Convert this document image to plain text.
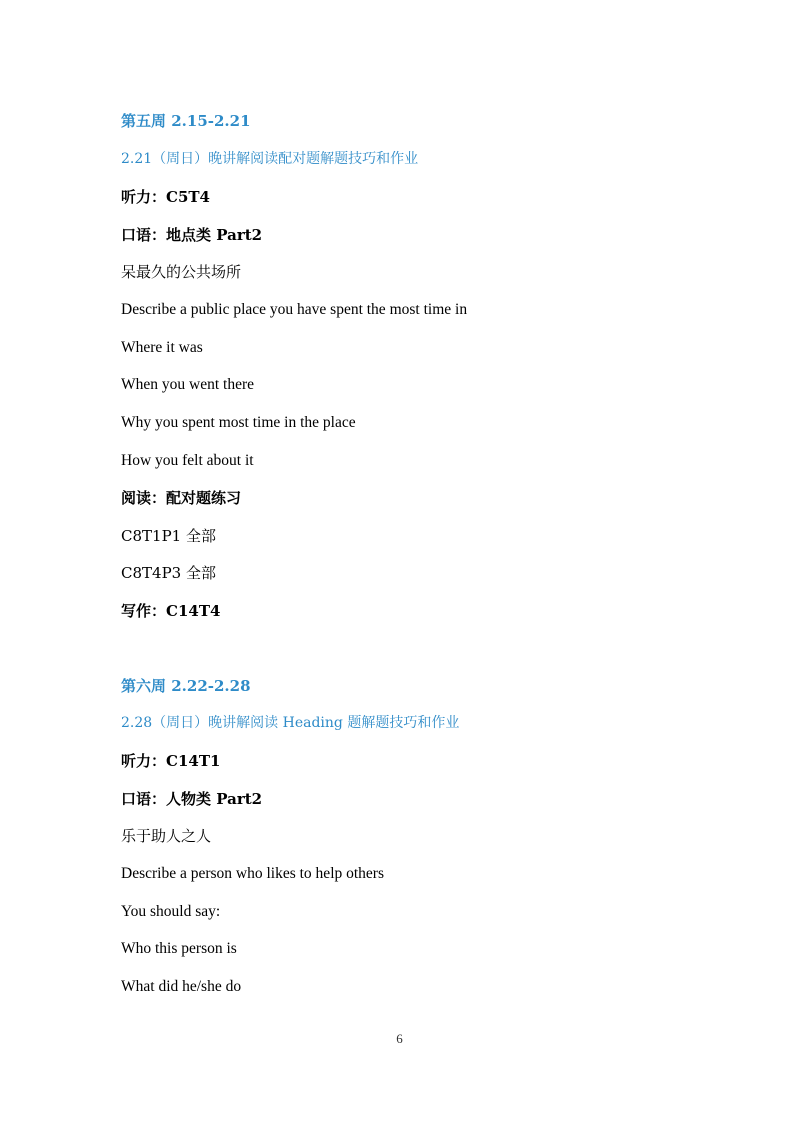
第五周 2.15-2.21
2.21（周日）晚讲解阅读配对题解题技巧和作业
听力：C5T4
口语：地点类 Part2
呆最久的公共场所
Describe a public place you have spent the most time in
Where it was
When you went there
Why you spent most time in the place
How you felt about it
阅读：配对题练习
C8T1P1 全部
C8T4P3 全部
写作：C14T4
第六周 2.22-2.28
2.28（周日）晚讲解阅读 Heading 题解题技巧和作业
听力：C14T1
口语：人物类 Part2
乐于助人之人
Describe a person who likes to help others
You should say:
Who this person is
What did he/she do
6
